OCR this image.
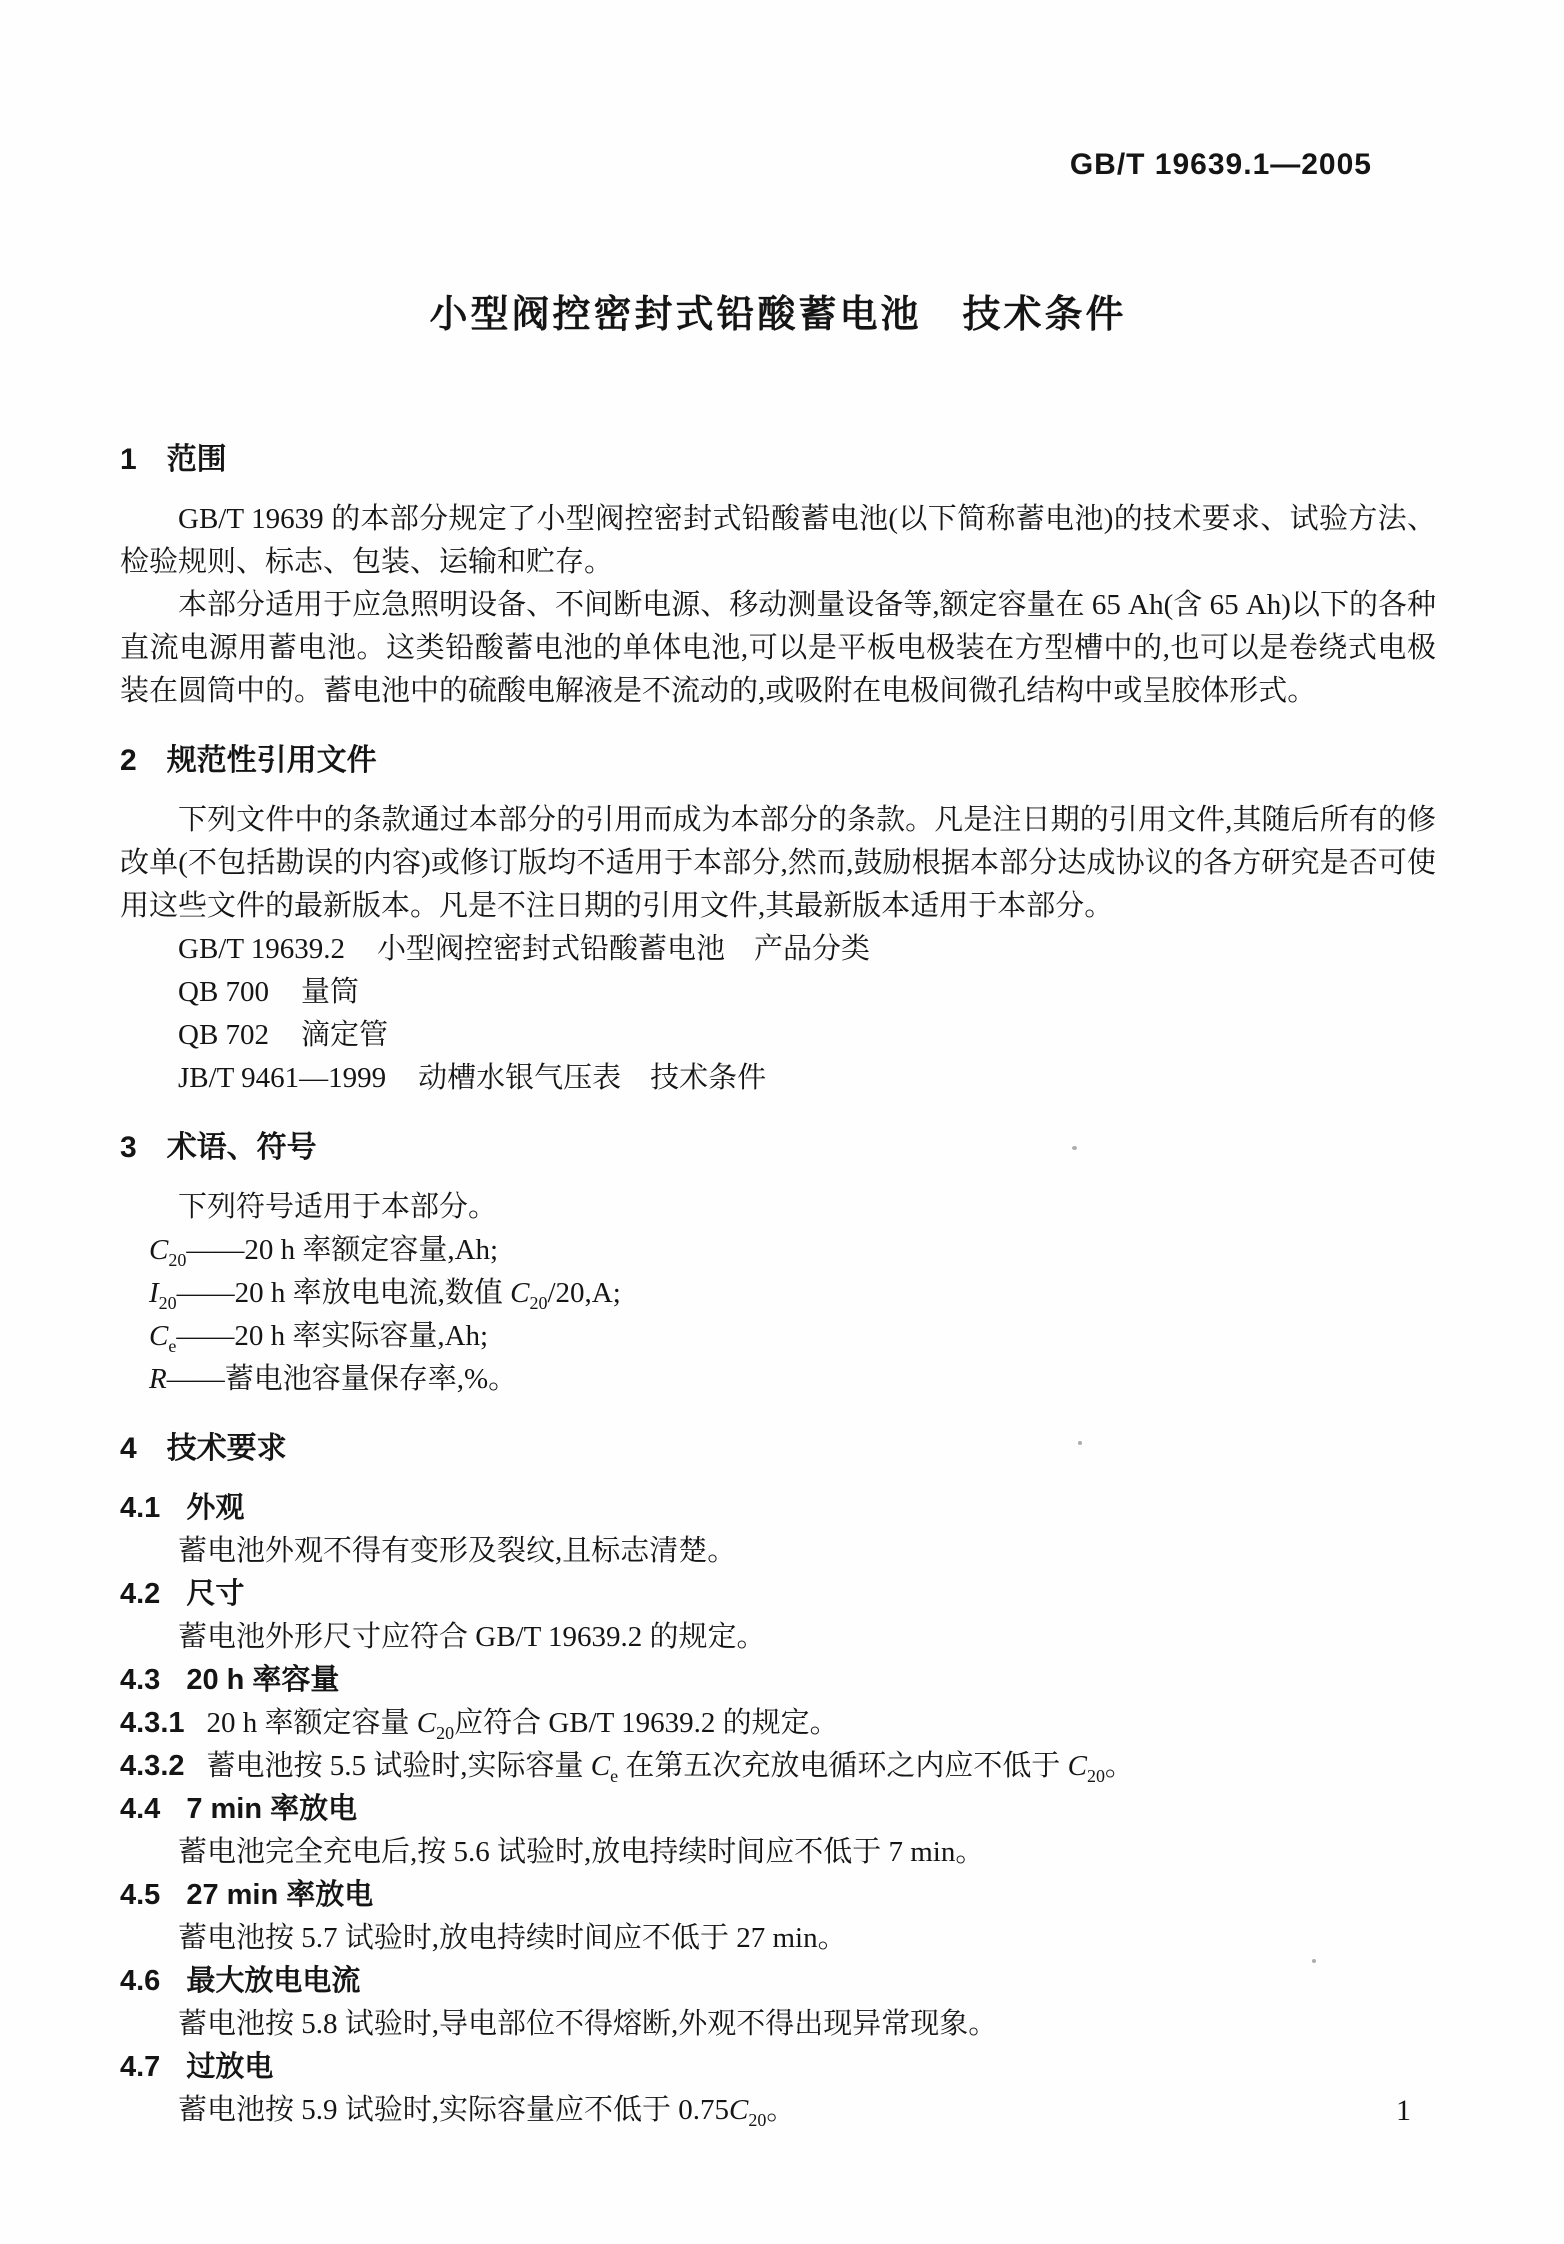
GB/T 19639.1—2005
小型阀控密封式铅酸蓄电池　技术条件
1 范围

GB/T 19639 的本部分规定了小型阀控密封式铅酸蓄电池(以下简称蓄电池)的技术要求、试验方法、检验规则、标志、包装、运输和贮存。

本部分适用于应急照明设备、不间断电源、移动测量设备等,额定容量在 65 Ah(含 65 Ah)以下的各种直流电源用蓄电池。这类铅酸蓄电池的单体电池,可以是平板电极装在方型槽中的,也可以是卷绕式电极装在圆筒中的。蓄电池中的硫酸电解液是不流动的,或吸附在电极间微孔结构中或呈胶体形式。

2 规范性引用文件

下列文件中的条款通过本部分的引用而成为本部分的条款。凡是注日期的引用文件,其随后所有的修改单(不包括勘误的内容)或修订版均不适用于本部分,然而,鼓励根据本部分达成协议的各方研究是否可使用这些文件的最新版本。凡是不注日期的引用文件,其最新版本适用于本部分。

GB/T 19639.2 小型阀控密封式铅酸蓄电池　产品分类

QB 700 量筒

QB 702 滴定管

JB/T 9461—1999 动槽水银气压表　技术条件

3 术语、符号

下列符号适用于本部分。

$C_{20}——20$ h 率额定容量,Ah;

$I_{20}——20$ h 率放电电流,数值 $C_{20}/20,A$;

$C_e——20$ h 率实际容量,Ah;

R——蓄电池容量保存率,%。

4 技术要求
4.1 外观

蓄电池外观不得有变形及裂纹,且标志清楚。

4.2 尺寸

蓄电池外形尺寸应符合 GB/T 19639.2 的规定。

4.3 20 h 率容量

4.3.1 20 h 率额定容量 $C_{20}$应符合 GB/T 19639.2 的规定。

4.3.2 蓄电池按 5.5 试验时,实际容量 $C_e$ 在第五次充放电循环之内应不低于 $C_{20}$。

4.4 7 min 率放电

蓄电池完全充电后,按 5.6 试验时,放电持续时间应不低于 7 min。

4.5 27 min 率放电

蓄电池按 5.7 试验时,放电持续时间应不低于 27 min。

4.6 最大放电电流

蓄电池按 5.8 试验时,导电部位不得熔断,外观不得出现异常现象。

4.7 过放电

蓄电池按 5.9 试验时,实际容量应不低于 $0.75C_{20}$。	1
